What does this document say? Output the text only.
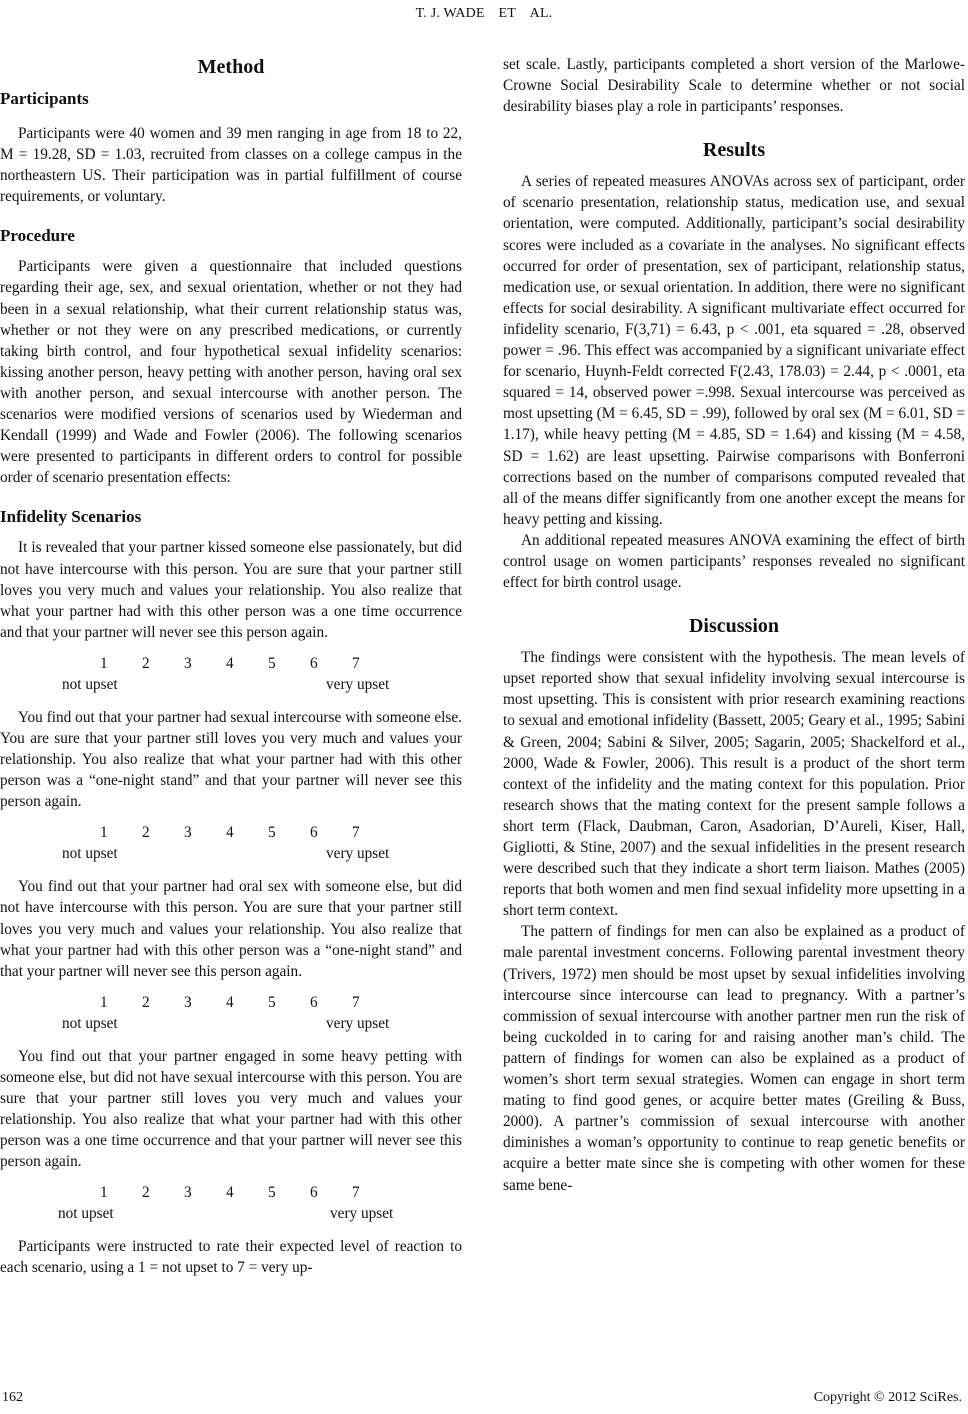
T. J. WADE ET AL.
Method
Participants

Participants were 40 women and 39 men ranging in age from 18 to 22, M = 19.28, SD = 1.03, recruited from classes on a college campus in the northeastern US. Their participation was in partial fulfillment of course requirements, or voluntary.

Procedure

Participants were given a questionnaire that included questions regarding their age, sex, and sexual orientation, whether or not they had been in a sexual relationship, what their current relationship status was, whether or not they were on any prescribed medications, or currently taking birth control, and four hypothetical sexual infidelity scenarios: kissing another person, heavy petting with another person, having oral sex with another person, and sexual intercourse with another person. The scenarios were modified versions of scenarios used by Wiederman and Kendall (1999) and Wade and Fowler (2006). The following scenarios were presented to participants in different orders to control for possible order of scenario presentation effects:

Infidelity Scenarios

It is revealed that your partner kissed someone else passionately, but did not have intercourse with this person. You are sure that your partner still loves you very much and values your relationship. You also realize that what your partner had with this other person was a one time occurrence and that your partner will never see this person again.

1 2 3 4 5 6 7
not upset	very upset

You find out that your partner had sexual intercourse with someone else. You are sure that your partner still loves you very much and values your relationship. You also realize that what your partner had with this other person was a “one-night stand” and that your partner will never see this person again.

1 2 3 4 5 6 7
not upset	very upset

You find out that your partner had oral sex with someone else, but did not have intercourse with this person. You are sure that your partner still loves you very much and values your relationship. You also realize that what your partner had with this other person was a “one-night stand” and that your partner will never see this person again.

1 2 3 4 5 6 7
not upset	very upset

You find out that your partner engaged in some heavy petting with someone else, but did not have sexual intercourse with this person. You are sure that your partner still loves you very much and values your relationship. You also realize that what your partner had with this other person was a one time occurrence and that your partner will never see this person again.

1 2 3 4 5 6 7
not upset	very upset

Participants were instructed to rate their expected level of reaction to each scenario, using a 1 = not upset to 7 = very up-

set scale. Lastly, participants completed a short version of the Marlowe-Crowne Social Desirability Scale to determine whether or not social desirability biases play a role in participants’ responses.

Results

A series of repeated measures ANOVAs across sex of participant, order of scenario presentation, relationship status, medication use, and sexual orientation, were computed. Additionally, participant’s social desirability scores were included as a covariate in the analyses. No significant effects occurred for order of presentation, sex of participant, relationship status, medication use, or sexual orientation. In addition, there were no significant effects for social desirability. A significant multivariate effect occurred for infidelity scenario, F(3,71) = 6.43, p < .001, eta squared = .28, observed power = .96. This effect was accompanied by a significant univariate effect for scenario, Huynh-Feldt corrected F(2.43, 178.03) = 2.44, p < .0001, eta squared = 14, observed power =.998. Sexual intercourse was perceived as most upsetting (M = 6.45, SD = .99), followed by oral sex (M = 6.01, SD = 1.17), while heavy petting (M = 4.85, SD = 1.64) and kissing (M = 4.58, SD = 1.62) are least upsetting. Pairwise comparisons with Bonferroni corrections based on the number of comparisons computed revealed that all of the means differ significantly from one another except the means for heavy petting and kissing.

An additional repeated measures ANOVA examining the effect of birth control usage on women participants’ responses revealed no significant effect for birth control usage.

Discussion

The findings were consistent with the hypothesis. The mean levels of upset reported show that sexual infidelity involving sexual intercourse is most upsetting. This is consistent with prior research examining reactions to sexual and emotional infidelity (Bassett, 2005; Geary et al., 1995; Sabini & Green, 2004; Sabini & Silver, 2005; Sagarin, 2005; Shackelford et al., 2000, Wade & Fowler, 2006). This result is a product of the short term context of the infidelity and the mating context for this population. Prior research shows that the mating context for the present sample follows a short term (Flack, Daubman, Caron, Asadorian, D’Aureli, Kiser, Hall, Gigliotti, & Stine, 2007) and the sexual infidelities in the present research were described such that they indicate a short term liaison. Mathes (2005) reports that both women and men find sexual infidelity more upsetting in a short term context.

The pattern of findings for men can also be explained as a product of male parental investment concerns. Following parental investment theory (Trivers, 1972) men should be most upset by sexual infidelities involving intercourse since intercourse can lead to pregnancy. With a partner’s commission of sexual intercourse with another partner men run the risk of being cuckolded in to caring for and raising another man’s child. The pattern of findings for women can also be explained as a product of women’s short term sexual strategies. Women can engage in short term mating to find good genes, or acquire better mates (Greiling & Buss, 2000). A partner’s commission of sexual intercourse with another diminishes a woman’s opportunity to continue to reap genetic benefits or acquire a better mate since she is competing with other women for these same bene-

162	Copyright © 2012 SciRes.
